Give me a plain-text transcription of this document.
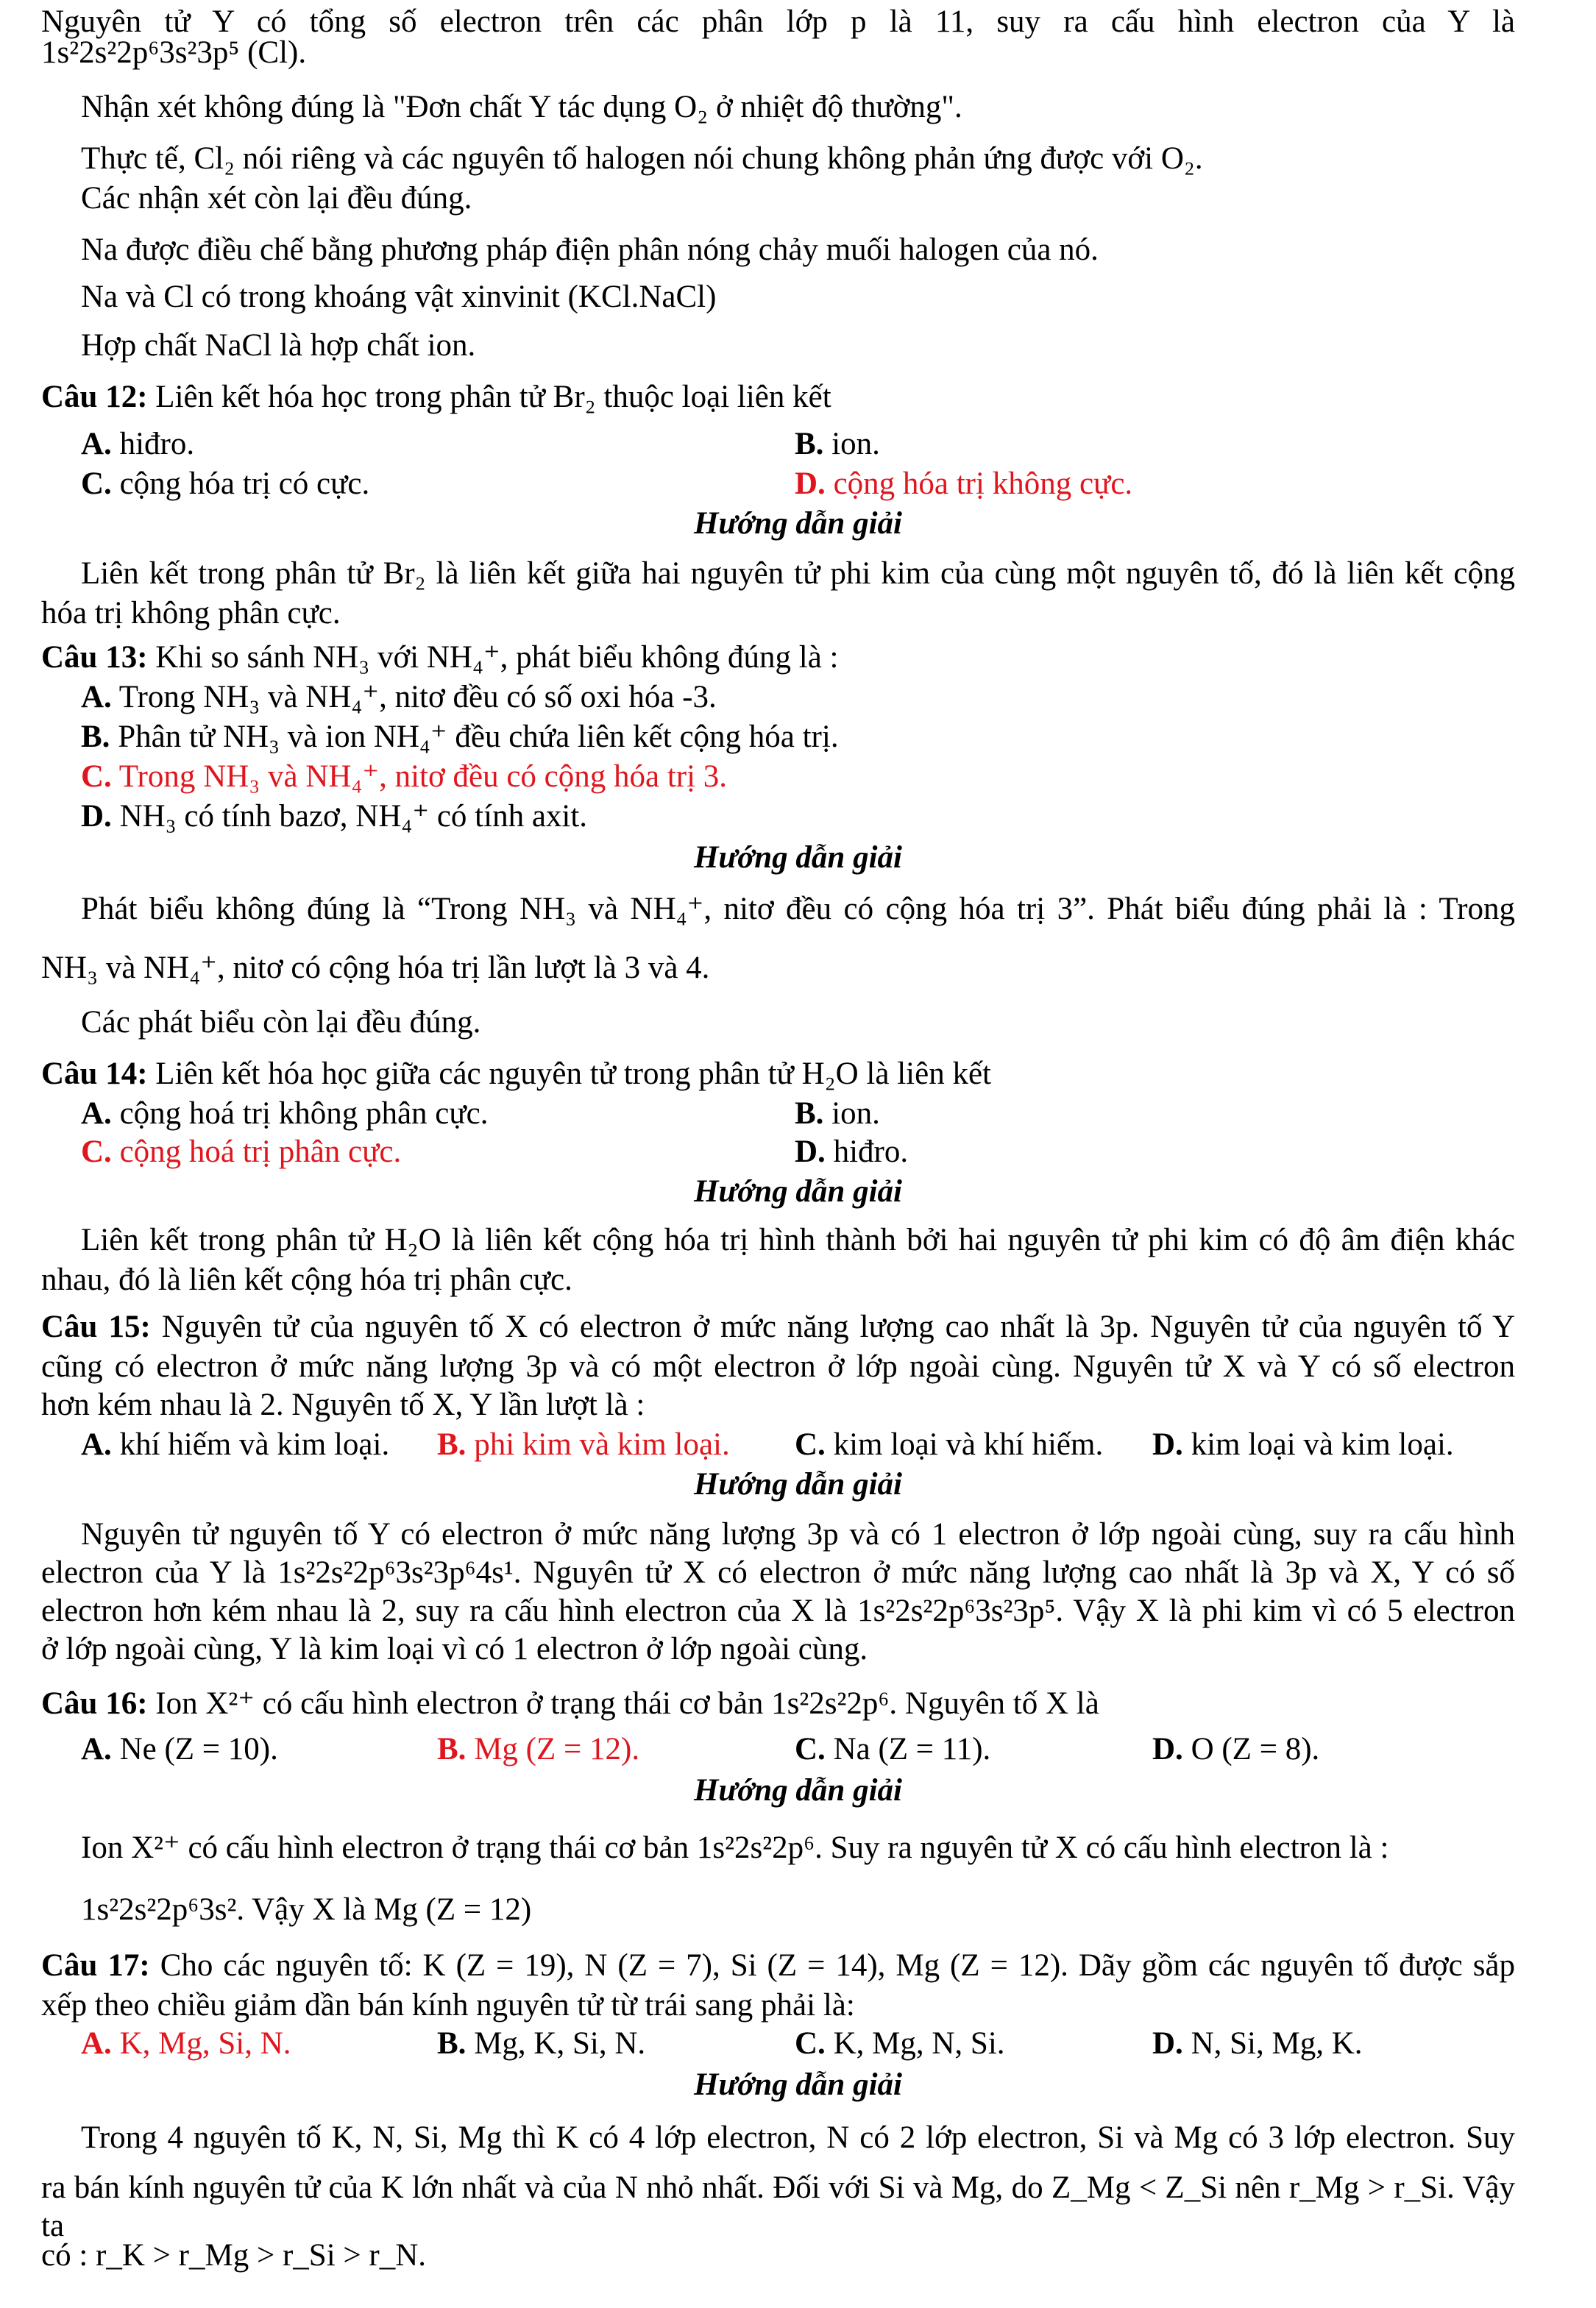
Nguyên tử Y có tổng số electron trên các phân lớp p là 11, suy ra cấu hình electron của Y là
1s²2s²2p⁶3s²3p⁵ (Cl).
Nhận xét không đúng là "Đơn chất Y tác dụng O₂ ở nhiệt độ thường".
Thực tế, Cl₂ nói riêng và các nguyên tố halogen nói chung không phản ứng được với O₂.
Các nhận xét còn lại đều đúng.
Na được điều chế bằng phương pháp điện phân nóng chảy muối halogen của nó.
Na và Cl có trong khoáng vật xinvinit (KCl.NaCl)
Hợp chất NaCl là hợp chất ion.
Câu 12: Liên kết hóa học trong phân tử Br₂ thuộc loại liên kết
A. hiđro.	B. ion.
C. cộng hóa trị có cực.	D. cộng hóa trị không cực.
Hướng dẫn giải
Liên kết trong phân tử Br₂ là liên kết giữa hai nguyên tử phi kim của cùng một nguyên tố, đó là liên kết cộng
hóa trị không phân cực.
Câu 13: Khi so sánh NH₃ với NH₄⁺, phát biểu không đúng là :
A. Trong NH₃ và NH₄⁺, nitơ đều có số oxi hóa -3.
B. Phân tử NH₃ và ion NH₄⁺ đều chứa liên kết cộng hóa trị.
C. Trong NH₃ và NH₄⁺, nitơ đều có cộng hóa trị 3.
D. NH₃ có tính bazơ, NH₄⁺ có tính axit.
Hướng dẫn giải
Phát biểu không đúng là “Trong NH₃ và NH₄⁺, nitơ đều có cộng hóa trị 3”. Phát biểu đúng phải là : Trong
NH₃ và NH₄⁺, nitơ có cộng hóa trị lần lượt là 3 và 4.
Các phát biểu còn lại đều đúng.
Câu 14: Liên kết hóa học giữa các nguyên tử trong phân tử H₂O là liên kết
A. cộng hoá trị không phân cực.	B. ion.
C. cộng hoá trị phân cực.	D. hiđro.
Hướng dẫn giải
Liên kết trong phân tử H₂O là liên kết cộng hóa trị hình thành bởi hai nguyên tử phi kim có độ âm điện khác
nhau, đó là liên kết cộng hóa trị phân cực.
Câu 15: Nguyên tử của nguyên tố X có electron ở mức năng lượng cao nhất là 3p. Nguyên tử của nguyên tố Y
cũng có electron ở mức năng lượng 3p và có một electron ở lớp ngoài cùng. Nguyên tử X và Y có số electron
hơn kém nhau là 2. Nguyên tố X, Y lần lượt là :
A. khí hiếm và kim loại. B. phi kim và kim loại. C. kim loại và khí hiếm. D. kim loại và kim loại.
Hướng dẫn giải
Nguyên tử nguyên tố Y có electron ở mức năng lượng 3p và có 1 electron ở lớp ngoài cùng, suy ra cấu hình
electron của Y là 1s²2s²2p⁶3s²3p⁶4s¹. Nguyên tử X có electron ở mức năng lượng cao nhất là 3p và X, Y có số
electron hơn kém nhau là 2, suy ra cấu hình electron của X là 1s²2s²2p⁶3s²3p⁵. Vậy X là phi kim vì có 5 electron
ở lớp ngoài cùng, Y là kim loại vì có 1 electron ở lớp ngoài cùng.
Câu 16: Ion X²⁺ có cấu hình electron ở trạng thái cơ bản 1s²2s²2p⁶. Nguyên tố X là
A. Ne (Z = 10).	B. Mg (Z = 12).	C. Na (Z = 11).	D. O (Z = 8).
Hướng dẫn giải
Ion X²⁺ có cấu hình electron ở trạng thái cơ bản 1s²2s²2p⁶. Suy ra nguyên tử X có cấu hình electron là :
1s²2s²2p⁶3s². Vậy X là Mg (Z = 12)
Câu 17: Cho các nguyên tố: K (Z = 19), N (Z = 7), Si (Z = 14), Mg (Z = 12). Dãy gồm các nguyên tố được sắp
xếp theo chiều giảm dần bán kính nguyên tử từ trái sang phải là:
A. K, Mg, Si, N.	B. Mg, K, Si, N.	C. K, Mg, N, Si.	D. N, Si, Mg, K.
Hướng dẫn giải
Trong 4 nguyên tố K, N, Si, Mg thì K có 4 lớp electron, N có 2 lớp electron, Si và Mg có 3 lớp electron. Suy
ra bán kính nguyên tử của K lớn nhất và của N nhỏ nhất. Đối với Si và Mg, do Z_Mg < Z_Si nên r_Mg > r_Si. Vậy ta
có : r_K > r_Mg > r_Si > r_N.
